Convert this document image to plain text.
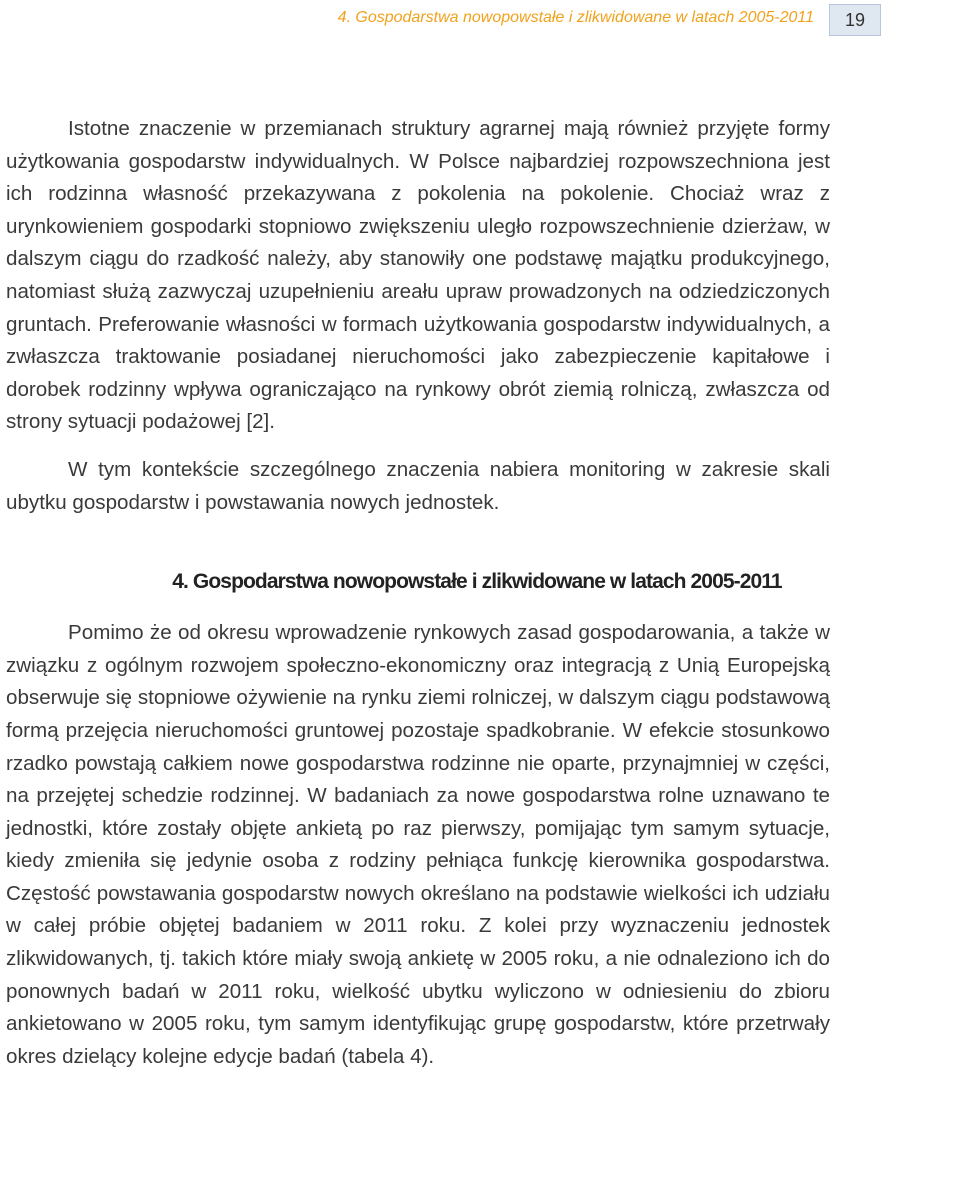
4. Gospodarstwa nowopowstałe i zlikwidowane w latach 2005-2011	19

Istotne znaczenie w przemianach struktury agrarnej mają również przyjęte formy użytkowania gospodarstw indywidualnych. W Polsce najbardziej rozpowszechniona jest ich rodzinna własność przekazywana z pokolenia na pokolenie. Chociaż wraz z urynkowieniem gospodarki stopniowo zwiększeniu uległo rozpowszechnienie dzierżaw, w dalszym ciągu do rzadkość należy, aby stanowiły one podstawę majątku produkcyjnego, natomiast służą zazwyczaj uzupełnieniu areału upraw prowadzonych na odziedziczonych gruntach. Preferowanie własności w formach użytkowania gospodarstw indywidualnych, a zwłaszcza traktowanie posiadanej nieruchomości jako zabezpieczenie kapitałowe i dorobek rodzinny wpływa ograniczająco na rynkowy obrót ziemią rolniczą, zwłaszcza od strony sytuacji podażowej [2].

W tym kontekście szczególnego znaczenia nabiera monitoring w zakresie skali ubytku gospodarstw i powstawania nowych jednostek.

4. Gospodarstwa nowopowstałe i zlikwidowane w latach 2005-2011

Pomimo że od okresu wprowadzenie rynkowych zasad gospodarowania, a także w związku z ogólnym rozwojem społeczno-ekonomiczny oraz integracją z Unią Europejską obserwuje się stopniowe ożywienie na rynku ziemi rolniczej, w dalszym ciągu podstawową formą przejęcia nieruchomości gruntowej pozostaje spadkobranie. W efekcie stosunkowo rzadko powstają całkiem nowe gospodarstwa rodzinne nie oparte, przynajmniej w części, na przejętej schedzie rodzinnej. W badaniach za nowe gospodarstwa rolne uznawano te jednostki, które zostały objęte ankietą po raz pierwszy, pomijając tym samym sytuacje, kiedy zmieniła się jedynie osoba z rodziny pełniąca funkcję kierownika gospodarstwa. Częstość powstawania gospodarstw nowych określano na podstawie wielkości ich udziału w całej próbie objętej badaniem w 2011 roku. Z kolei przy wyznaczeniu jednostek zlikwidowanych, tj. takich które miały swoją ankietę w 2005 roku, a nie odnaleziono ich do ponownych badań w 2011 roku, wielkość ubytku wyliczono w odniesieniu do zbioru ankietowano w 2005 roku, tym samym identyfikując grupę gospodarstw, które przetrwały okres dzielący kolejne edycje badań (tabela 4).
